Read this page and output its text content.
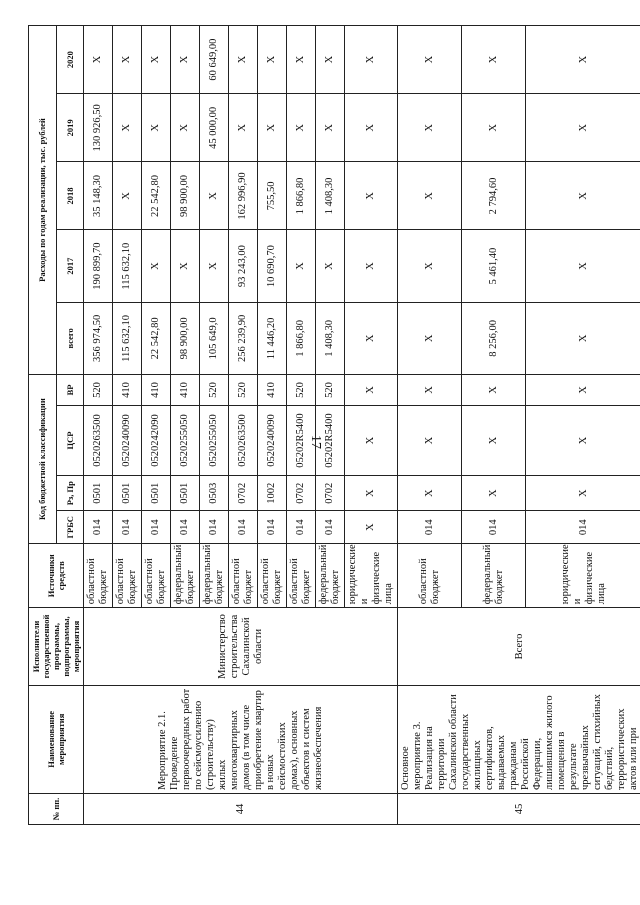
17
№ пп.	Наименование мероприятия	Исполнители государственной программы, подпрограммы, мероприятия	Источники средств	Код бюджетной классификации				Расходы по годам реализации, тыс. рублей				
				ГРБС	Рз, Пр	ЦСР	ВР	всего	2017	2018	2019	2020
44	Мероприятие 2.1. Проведение первоочередных работ по сейсмоусилению (строительству) жилых многоквартирных домов (в том числе приобретение квартир в новых сейсмостойких домах), основных объектов и систем жизнеобеспечения	Министерство строительства Сахалинской области	областной бюджет	014	0501	0520263500	520	356 974,50	190 899,70	35 148,30	130 926,50	X
			областной бюджет	014	0501	0520240090	410	115 632,10	115 632,10	X	X	X
			областной бюджет	014	0501	0520242090	410	22 542,80	X	22 542,80	X	X
			федеральный бюджет	014	0501	0520255050	410	98 900,00	X	98 900,00	X	X
			федеральный бюджет	014	0503	0520255050	520	105 649,0	X	X	45 000,00	60 649,00
			областной бюджет	014	0702	0520263500	520	256 239,90	93 243,00	162 996,90	X	X
			областной бюджет	014	1002	0520240090	410	11 446,20	10 690,70	755,50	X	X
			областной бюджет	014	0702	05202R5400	520	1 866,80	X	1 866,80	X	X
			федеральный бюджет	014	0702	05202R5400	520	1 408,30	X	1 408,30	X	X
			юридические и физические лица	X	X	X	X	X	X	X	X	X
45	Основное мероприятие 3. Реализация на территории Сахалинской области государственных жилищных сертификатов, выдаваемых гражданам Российской Федерации, лишившимся жилого помещения в результате чрезвычайных ситуаций, стихийных бедствий, террористических актов или при	Всего	областной бюджет	014	X	X	X	X	X	X	X	X
			федеральный бюджет	014	X	X	X	8 256,00	5 461,40	2 794,60	X	X
			юридические и физические лица	014	X	X	X	X	X	X	X	X
